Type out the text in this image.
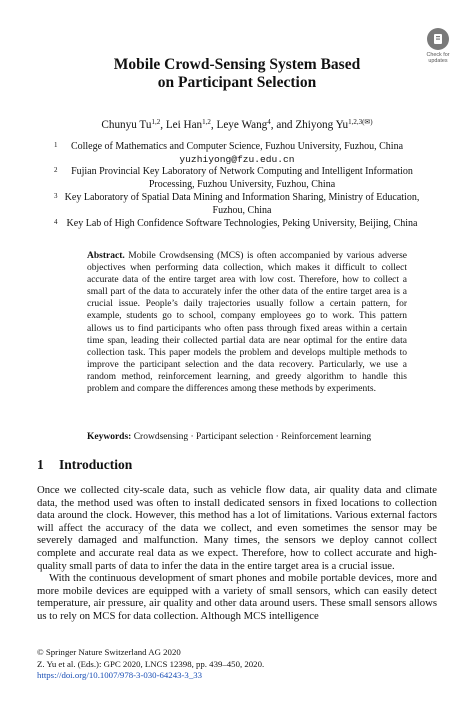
Check for
updates
Mobile Crowd-Sensing System Based
on Participant Selection
Chunyu Tu$^{1,2}$, Lei Han$^{1,2}$, Leye Wang$^4$, and Zhiyong $Yu^{1,2,3(✉)}$
1	College of Mathematics and Computer Science, Fuzhou University, Fuzhou, China
yuzhiyong@fzu.edu.cn
2	Fujian Provincial Key Laboratory of Network Computing and Intelligent Information
Processing, Fuzhou University, Fuzhou, China
3 Key Laboratory of Spatial Data Mining and Information Sharing, Ministry of Education,
Fuzhou, China
4 Key Lab of High Confidence Software Technologies, Peking University, Beijing, China
Abstract. Mobile Crowdsensing (MCS) is often accompanied by various adverse objectives when performing data collection, which makes it difficult to collect accurate data of the entire target area with low cost. Therefore, how to collect a small part of the data to accurately infer the other data of the entire target area is a crucial issue. People’s daily trajectories usually follow a certain pattern, for example, students go to school, company employees go to work. This pattern allows us to find participants who often pass through fixed areas within a certain time span, leading their collected partial data are near optimal for the entire data collection task. This paper models the problem and develops multiple methods to improve the participant selection and the data recovery. Particularly, we use a random method, reinforcement learning, and greedy algorithm to handle this problem and compare the differences among these methods by experiments.
Keywords: Crowdsensing · Participant selection · Reinforcement learning
1 Introduction

Once we collected city-scale data, such as vehicle flow data, air quality data and climate data, the method used was often to install dedicated sensors in fixed locations to collection data around the clock. However, this method has a lot of limitations. Various external factors will affect the accuracy of the data we collect, and even sometimes the sensor may be severely damaged and malfunction. Many times, the sensors we deploy cannot collect complete and accurate real data as we expect. Therefore, how to collect accurate and high-quality small parts of data to infer the data in the entire target area is a crucial issue.

With the continuous development of smart phones and mobile portable devices, more and more mobile devices are equipped with a variety of small sensors, which can easily detect temperature, air pressure, air quality and other data around users. These small sensors allows us to rely on MCS for data collection. Although MCS intelligence

© Springer Nature Switzerland AG 2020
Z. Yu et al. (Eds.): GPC 2020, LNCS 12398, pp. 439–450, 2020.
https://doi.org/10.1007/978-3-030-64243-3_33
